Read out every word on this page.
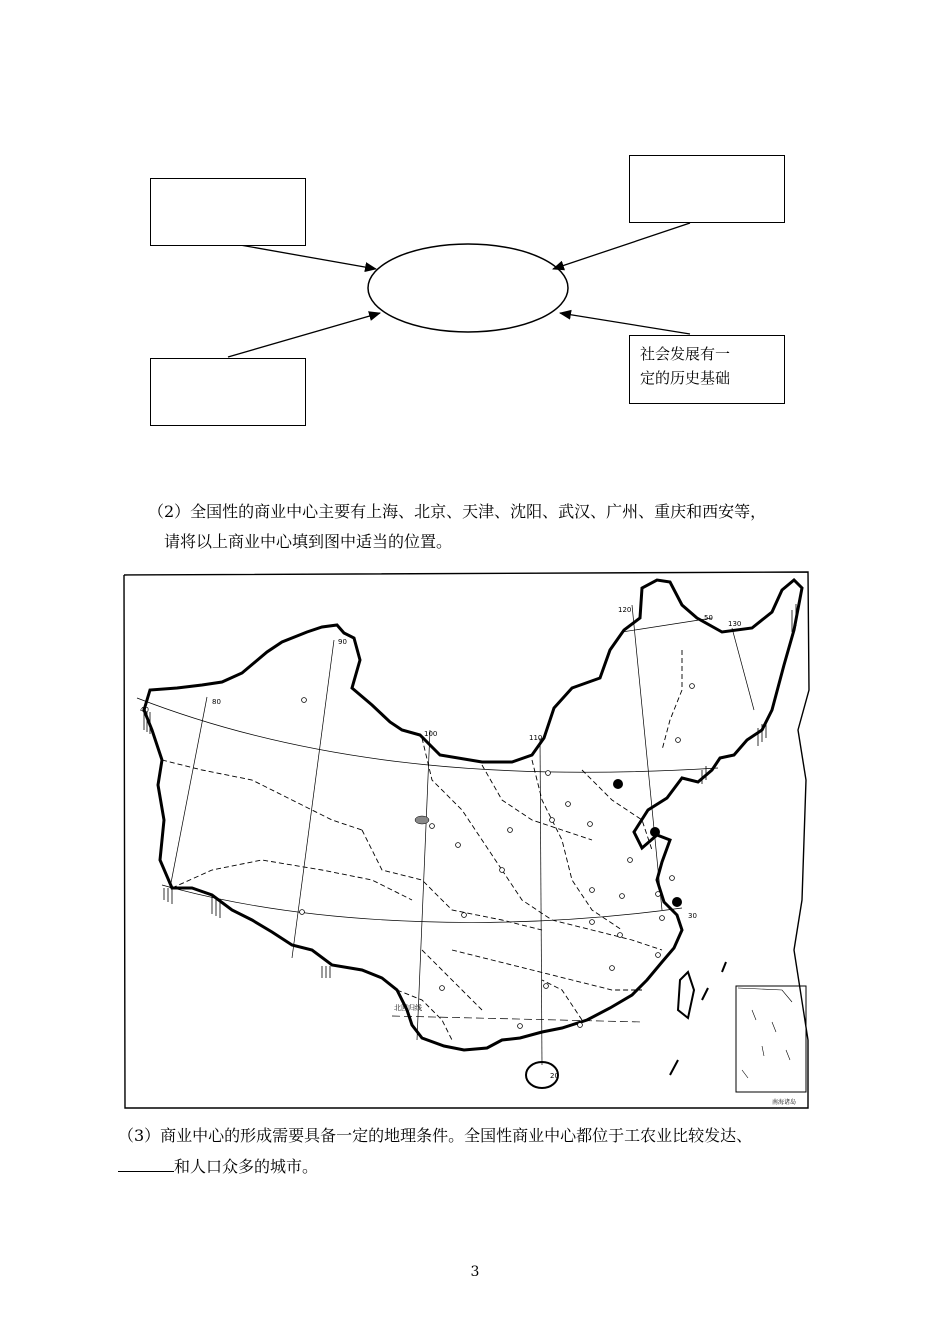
社会发展有一
定的历史基础
（2）全国性的商业中心主要有上海、北京、天津、沈阳、武汉、广州、重庆和西安等，
请将以上商业中心填到图中适当的位置。
80
90
100	110
120
130
40
50
30
20
北回归线
南海诸岛
（3）商业中心的形成需要具备一定的地理条件。全国性商业中心都位于工农业比较发达、
和人口众多的城市。
3
